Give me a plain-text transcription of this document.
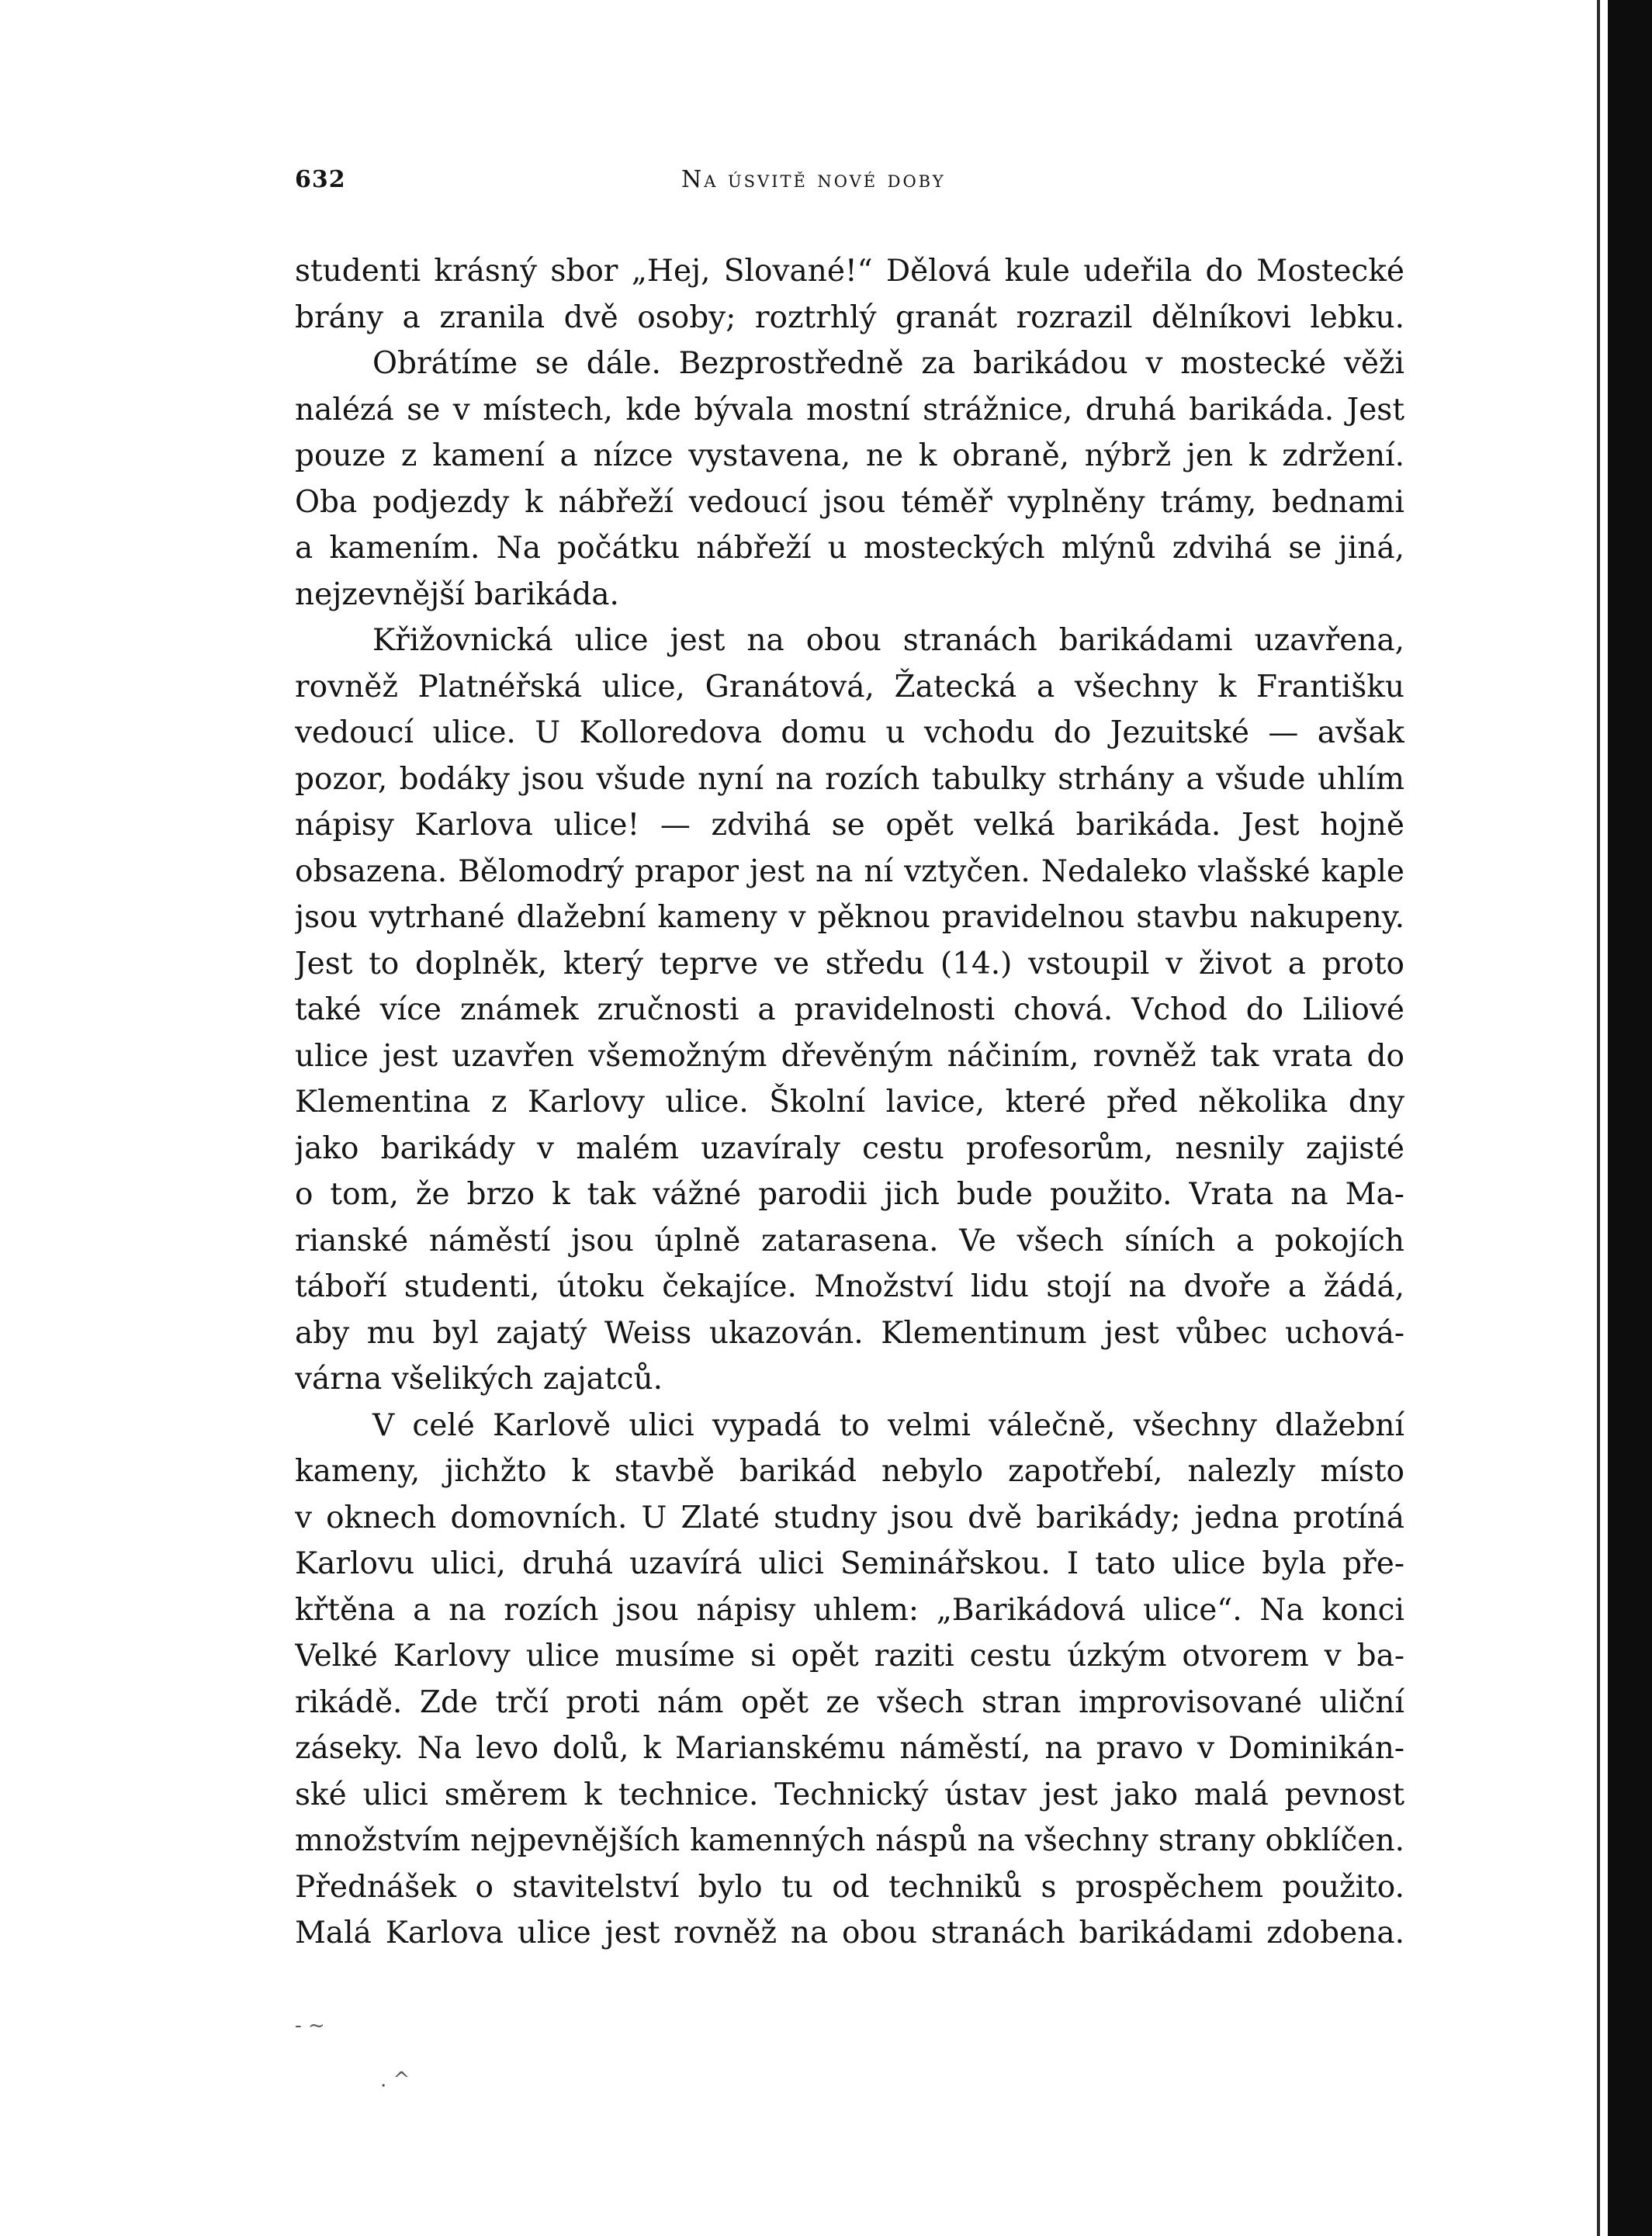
632	Na úsvitě nové doby
studenti krásný sbor „Hej, Slované!“ Dělová kule udeřila do Mostecké
brány a zranila dvě osoby; roztrhlý granát rozrazil dělníkovi lebku.
Obrátíme se dále. Bezprostředně za barikádou v mostecké věži
nalézá se v místech, kde bývala mostní strážnice, druhá barikáda. Jest
pouze z kamení a nízce vystavena, ne k obraně, nýbrž jen k zdržení.
Oba podjezdy k nábřeží vedoucí jsou téměř vyplněny trámy, bednami
a kamením. Na počátku nábřeží u mosteckých mlýnů zdvihá se jiná,
nejzevnější barikáda.
Křižovnická ulice jest na obou stranách barikádami uzavřena,
rovněž Platnéřská ulice, Granátová, Žatecká a všechny k Františku
vedoucí ulice. U Kolloredova domu u vchodu do Jezuitské — avšak
pozor, bodáky jsou všude nyní na rozích tabulky strhány a všude uhlím
nápisy Karlova ulice! — zdvihá se opět velká barikáda. Jest hojně
obsazena. Bělomodrý prapor jest na ní vztyčen. Nedaleko vlašské kaple
jsou vytrhané dlažební kameny v pěknou pravidelnou stavbu nakupeny.
Jest to doplněk, který teprve ve středu (14.) vstoupil v život a proto
také více známek zručnosti a pravidelnosti chová. Vchod do Liliové
ulice jest uzavřen všemožným dřevěným náčiním, rovněž tak vrata do
Klementina z Karlovy ulice. Školní lavice, které před několika dny
jako barikády v malém uzavíraly cestu profesorům, nesnily zajisté
o tom, že brzo k tak vážné parodii jich bude použito. Vrata na Ma-
rianské náměstí jsou úplně zatarasena. Ve všech síních a pokojích
táboří studenti, útoku čekajíce. Množství lidu stojí na dvoře a žádá,
aby mu byl zajatý Weiss ukazován. Klementinum jest vůbec uchová-
várna všelikých zajatců.
V celé Karlově ulici vypadá to velmi válečně, všechny dlažební
kameny, jichžto k stavbě barikád nebylo zapotřebí, nalezly místo
v oknech domovních. U Zlaté studny jsou dvě barikády; jedna protíná
Karlovu ulici, druhá uzavírá ulici Seminářskou. I tato ulice byla pře-
křtěna a na rozích jsou nápisy uhlem: „Barikádová ulice“. Na konci
Velké Karlovy ulice musíme si opět raziti cestu úzkým otvorem v ba-
rikádě. Zde trčí proti nám opět ze všech stran improvisované uliční
záseky. Na levo dolů, k Marianskému náměstí, na pravo v Dominikán-
ské ulici směrem k technice. Technický ústav jest jako malá pevnost
množstvím nejpevnějších kamenných náspů na všechny strany obklíčen.
Přednášek o stavitelství bylo tu od techniků s prospěchem použito.
Malá Karlova ulice jest rovněž na obou stranách barikádami zdobena.
- ~
. ^
